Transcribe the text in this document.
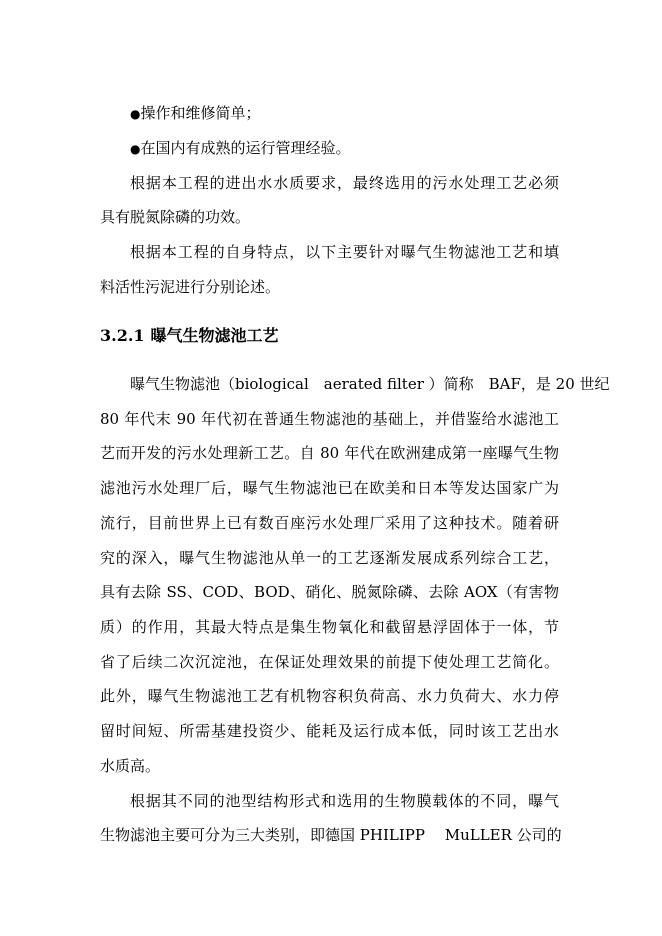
●操作和维修简单；
●在国内有成熟的运行管理经验。
根据本工程的进出水水质要求，最终选用的污水处理工艺必须
具有脱氮除磷的功效。
根据本工程的自身特点，以下主要针对曝气生物滤池工艺和填
料活性污泥进行分别论述。
3.2.1 曝气生物滤池工艺
曝气生物滤池（biological　aerated filter ）简称　BAF，是 20 世纪
80 年代末 90 年代初在普通生物滤池的基础上，并借鉴给水滤池工
艺而开发的污水处理新工艺。自 80 年代在欧洲建成第一座曝气生物
滤池污水处理厂后，曝气生物滤池已在欧美和日本等发达国家广为
流行，目前世界上已有数百座污水处理厂采用了这种技术。随着研
究的深入，曝气生物滤池从单一的工艺逐渐发展成系列综合工艺，
具有去除 SS、COD、BOD、硝化、脱氮除磷、去除 AOX（有害物
质）的作用，其最大特点是集生物氧化和截留悬浮固体于一体，节
省了后续二次沉淀池，在保证处理效果的前提下使处理工艺简化。
此外，曝气生物滤池工艺有机物容积负荷高、水力负荷大、水力停
留时间短、所需基建投资少、能耗及运行成本低，同时该工艺出水
水质高。
根据其不同的池型结构形式和选用的生物膜载体的不同，曝气
生物滤池主要可分为三大类别，即德国 PHILIPP　 MuLLER 公司的
